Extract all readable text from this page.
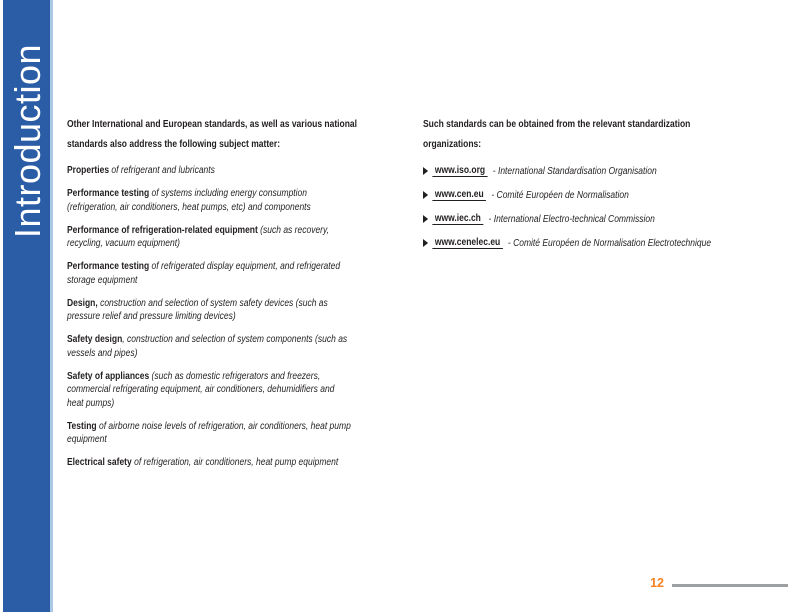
Introduction Other International and European standards, as well as various national
standards also address the following subject matter:

Properties of refrigerant and lubricants

Performance testing of systems including energy consumption
(refrigeration, air conditioners, heat pumps, etc) and components

Performance of refrigeration-related equipment (such as recovery,
recycling, vacuum equipment)

Performance testing of refrigerated display equipment, and refrigerated
storage equipment

Design, construction and selection of system safety devices (such as
pressure relief and pressure limiting devices)

Safety design, construction and selection of system components (such as
vessels and pipes)

Safety of appliances (such as domestic refrigerators and freezers,
commercial refrigerating equipment, air conditioners, dehumidifiers and
heat pumps)

Testing of airborne noise levels of refrigeration, air conditioners, heat pump
equipment

Electrical safety of refrigeration, air conditioners, heat pump equipment

Such standards can be obtained from the relevant standardization
organizations:

www.iso.org - International Standardisation Organisation
www.cen.eu - Comité Européen de Normalisation
www.iec.ch - International Electro-technical Commission
www.cenelec.eu - Comité Européen de Normalisation Electrotechnique
12
